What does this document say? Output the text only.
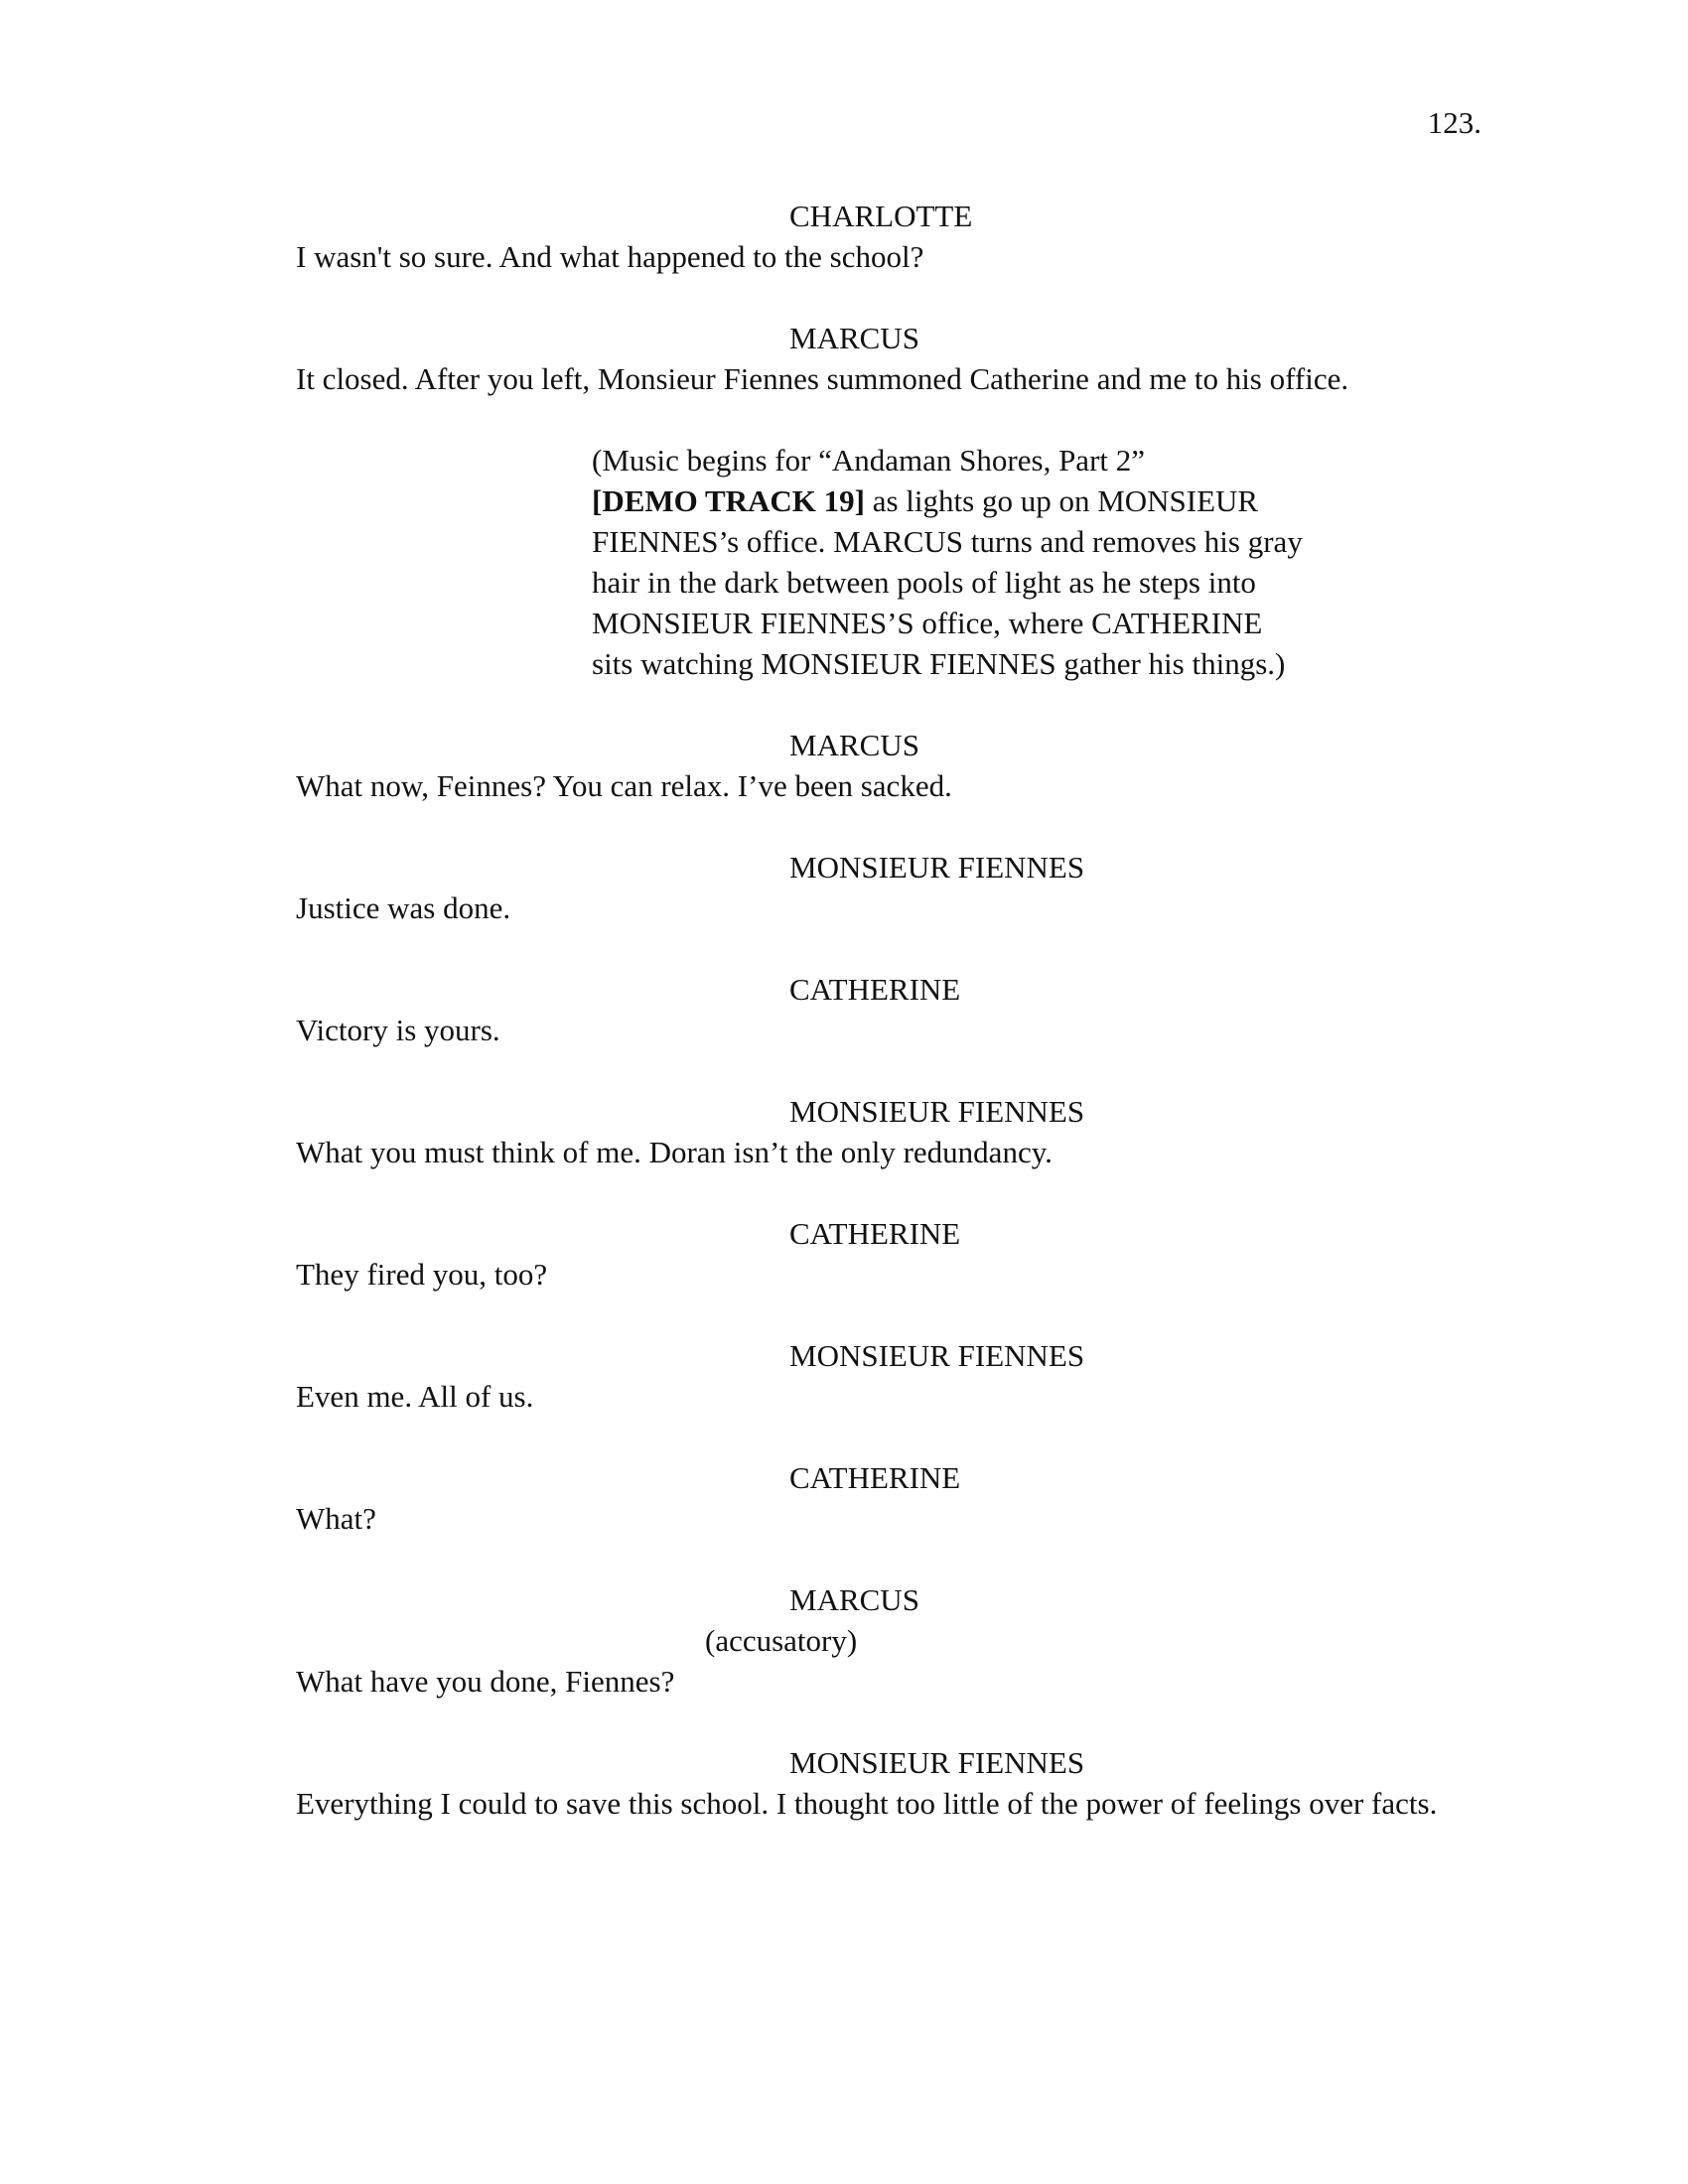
123.
CHARLOTTE
I wasn't so sure. And what happened to the school?
MARCUS
It closed. After you left, Monsieur Fiennes summoned Catherine and me to his office.
(Music begins for “Andaman Shores, Part 2”
[DEMO TRACK 19] as lights go up on MONSIEUR FIENNES’s office. MARCUS turns and removes his gray hair in the dark between pools of light as he steps into MONSIEUR FIENNES’S office, where CATHERINE sits watching MONSIEUR FIENNES gather his things.)
MARCUS
What now, Feinnes? You can relax. I’ve been sacked.
MONSIEUR FIENNES
Justice was done.
CATHERINE
Victory is yours.
MONSIEUR FIENNES
What you must think of me. Doran isn’t the only redundancy.
CATHERINE
They fired you, too?
MONSIEUR FIENNES
Even me. All of us.
CATHERINE
What?
MARCUS
(accusatory)
What have you done, Fiennes?
MONSIEUR FIENNES
Everything I could to save this school. I thought too little of the power of feelings over facts.
